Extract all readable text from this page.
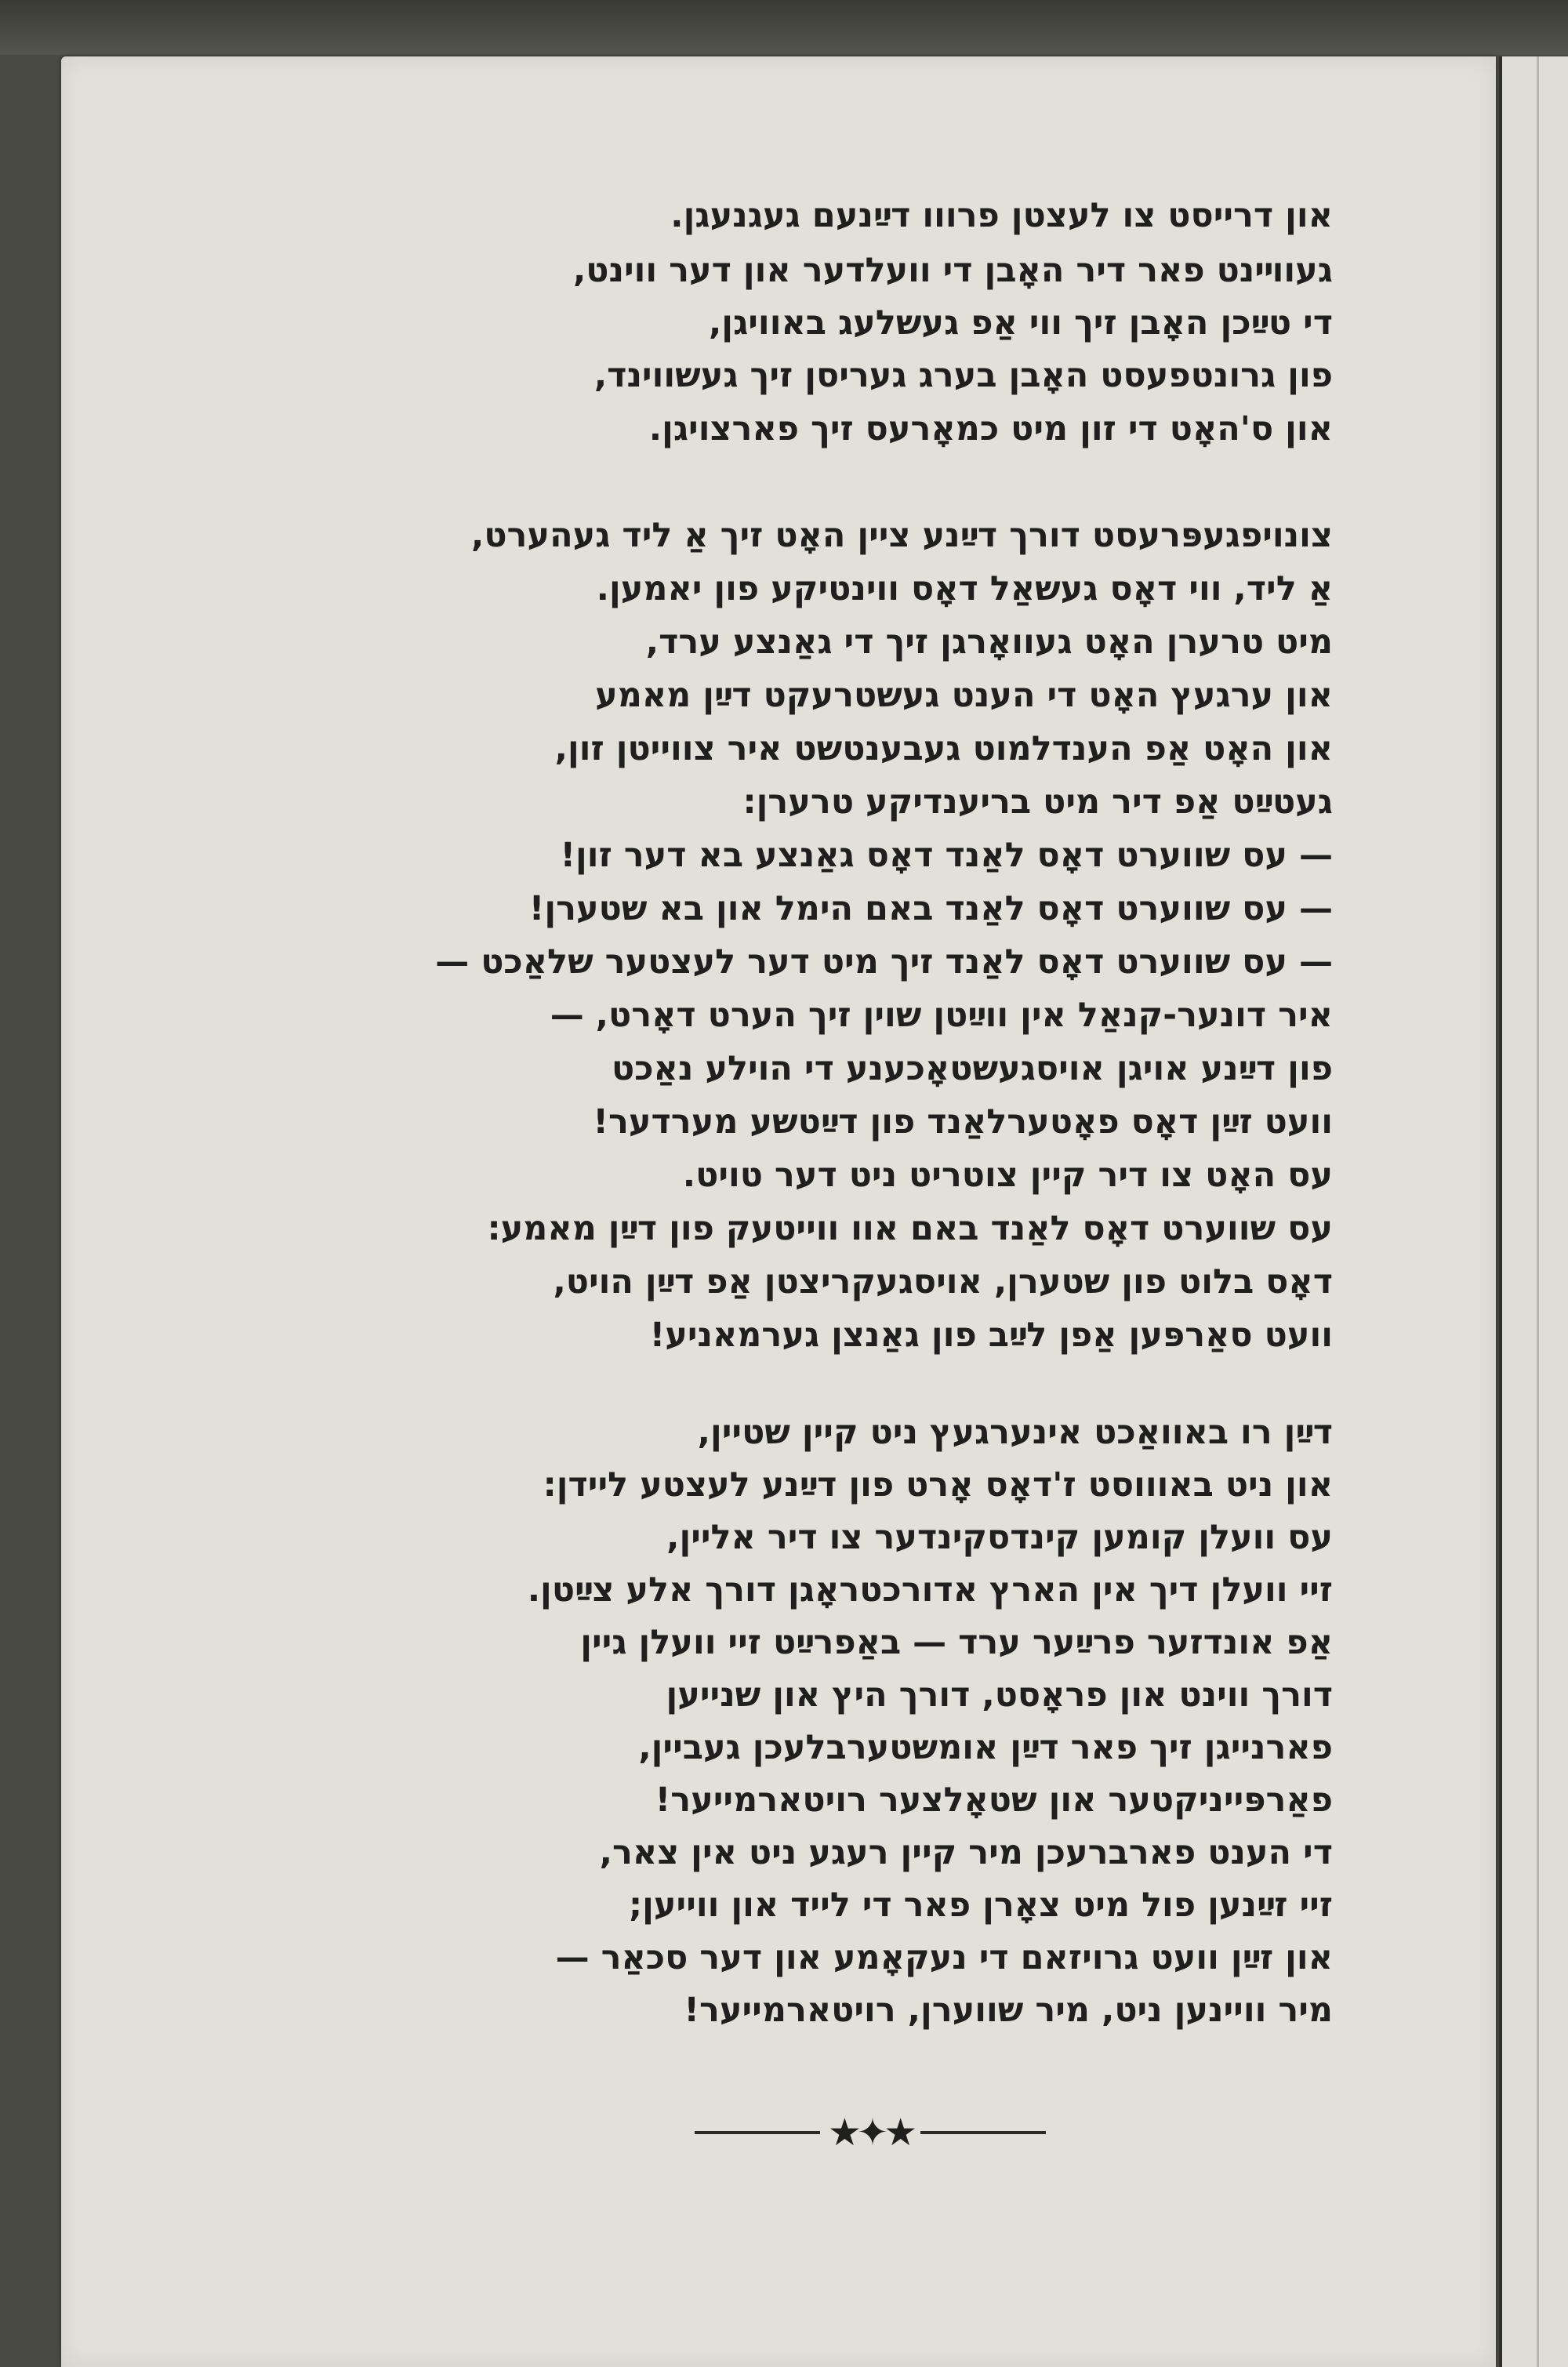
און דרייסט צו לעצטן פרווו דײַנעם געגנעגן.
געווײנט פאר דיר האָבן די וועלדער און דער ווינט,
די טײַכן האָבן זיך ווי אַפ געשלעג באוויגן,
פון גרונטפעסט האָבן בערג געריסן זיך געשווינד,
און ס'האָט די זון מיט כמאָרעס זיך פארצויגן.
צונויפגעפּרעסט דורך דײַנע ציין האָט זיך אַ ליד געהערט,
אַ ליד, ווי דאָס געשאַל דאָס ווינטיקע פון יאמען.
מיט טרערן האָט געוואָרגן זיך די גאַנצע ערד,
און ערגעץ האָט די הענט געשטרעקט דײַן מאמע
און האָט אַפ הענדלמוט געבענטשט איר צווייטן זון,
געטײַט אַפ דיר מיט בריענדיקע טרערן:
— עס שווערט דאָס לאַנד דאָס גאַנצע בא דער זון!
— עס שווערט דאָס לאַנד באם הימל און בא שטערן!
— עס שווערט דאָס לאַנד זיך מיט דער לעצטער שלאַכט —
איר דונער-קנאַל אין ווײַטן שוין זיך הערט דאָרט, —
פון דײַנע אויגן אויסגעשטאָכענע די הוילע נאַכט
וועט זײַן דאָס פאָטערלאַנד פון דײַטשע מערדער!
עס האָט צו דיר קיין צוטריט ניט דער טויט.
עס שווערט דאָס לאַנד באם אוו ווייטעק פון דײַן מאמע:
דאָס בלוט פון שטערן, אויסגעקריצטן אַפ דײַן הויט,
וועט סאַרפּען אַפן לײַב פון גאַנצן גערמאניע!
דײַן רו באוואַכט אינערגעץ ניט קיין שטיין,
און ניט באוווסט ז'דאָס אָרט פון דײַנע לעצטע ליידן:
עס וועלן קומען קינדסקינדער צו דיר אליין,
זיי וועלן דיך אין הארץ אדורכטראָגן דורך אלע צײַטן.
אַפ אונדזער פרײַער ערד — באַפרײַט זיי וועלן גיין
דורך ווינט און פראָסט, דורך היץ און שנייען
פארנייגן זיך פאר דײַן אומשטערבלעכן געביין,
פאַרפּייניקטער און שטאָלצער רויטארמייער!
די הענט פארברעכן מיר קיין רעגע ניט אין צאר,
זיי זײַנען פול מיט צאָרן פאר די לייד און ווייען;
און זײַן וועט גרויזאם די נעקאָמע און דער סכאַר —
מיר וויינען ניט, מיר שווערן, רויטארמייער!
★✦★
